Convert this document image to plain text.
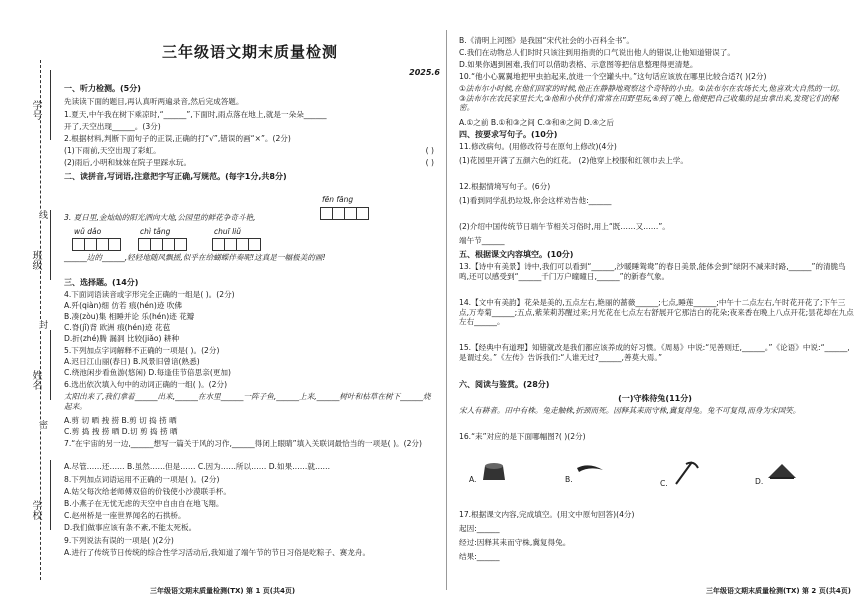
学号
班级
姓名
学校
线
封
密
三年级语文期末质量检测
2025.6
一、听力检测。(5分)
先读读下面的题目,再认真听两遍录音,然后完成答题。
1.夏天,中午我在树下乘凉时,“______”,下面时,雨点落在地上,就是一朵朵______
开了,天空出现______。(3分)
2.根据材料,判断下面句子的正误,正确的打“√”,错误的画“×”。(2分)
(1)下雨前,天空出现了彩虹。	( )
(2)雨后,小明和妹妹在院子里踩水玩。	( )
二、读拼音,写词语,注意把字写正确,写规范。(每字1分,共8分)
fēn fāng
3. 夏日里,金灿灿的阳光洒向大地,公园里的鲜花争奇斗艳,
wǔ dǎo	chì tǎng	chuī liǔ
______边的______,轻轻地随风飘摇,似乎在给蝴蝶伴奏呢!这真是一幅极美的画!
三、选择题。(14分)
4.下面词语读音或字形完全正确的一组是( )。(2分)
A.歼(qiàn)细 仿若 痕(hén)迹 吹佛
B.凑(zòu)集 相睡并论 乐(hén)迹 花瓣
C.脊(jǐ)背 欧洲 痕(hén)迹 花苞
D.折(zhé)腾 漏洞 比较(jiǎo) 耕种
5.下列加点字词解释不正确的一项是( )。(2分)
A.迟日江山丽(春日) B.风景旧曾谙(熟悉)
C.绕池闲步看鱼游(悠闲) D.每逢佳节倍思亲(更加)
6.选出依次填入句中的动词正确的一组( )。(2分)
太阳出来了,我们拿着______出来,______在水里______一阵子鱼,______上来,______树叶和枯草在树下______烧起来。
A.剪 切 晒 拽 捞 B.剪 切 捣 捞 晒
C.剪 捣 拽 捞 晒 D.切 剪 捣 捞 晒
7.“在宇宙的另一边,______想写一篇关于风的习作,______得闭上眼睛”填入关联词最恰当的一项是( )。(2分)
A.尽管……还…… B.虽然……但是…… C.因为……所以…… D.如果……就……
8.下列加点词语运用不正确的一项是( )。(2分)
A.姑父每次给老师傅双倍的价钱使小沙漠联手杯。
B.小燕子在无忧无虑的天空中自由自在地飞翔。
C.赵州桥是一座世界闻名的石拱桥。
D.我们做事应该有条不紊,不能太死板。
9.下列说法有误的一项是( )(2分)
A.进行了传统节日传统的综合性学习活动后,我知道了端午节的节日习俗是吃粽子、赛龙舟。
三年级语文期末质量检测(TX) 第 1 页(共4页)
B.《清明上河图》是我国“宋代社会的小百科全书”。
C.我们在动物总人们时时只该注到用指责的口气说出他人的错误,让他知道错误了。
D.如果你遇到困难,我们可以借助表格、示意图等把信息整理得更清楚。
10.“他小心翼翼地把甲虫拍起来,放进一个空罐头中。”这句话应该放在哪里比较合适?( )(2分)
①法布尔小时候,在他们回家的时候,他正在静静地观察这个奇特的小虫。②法布尔在农场长大,他喜欢大自然的一切。③法布尔在农民家里长大,③他和小伙伴们常常在田野里玩,④到了晚上,他便把自己收集的昆虫拿出来,发现它们的秘密。
A.①之前 B.①和③之间 C.③和④之间 D.④之后
四、按要求写句子。(10分)
11.修改病句。(用修改符号在原句上修改)(4分)
(1)花园里开满了五颜六色的红花。 (2)他穿上校服和红领巾去上学。
12.根据情境写句子。(6分)
(1)看到同学乱扔垃圾,你会这样劝告他:______
(2)介绍中国传统节日端午节相关习俗时,用上“既……又……”。
端午节______
五、根据课文内容填空。(10分)
13.【诗中有美景】诗中,我们可以看到“______,沙暖睡鸳鸯”的春日美景,能体会到“绿阴不减来时路,______”的清脆鸟鸣,还可以感受到“______千门万户曈曈日,______”的新春气象。
14.【文中有美韵】花朵是美的,五点左右,艳丽的蔷薇______;七点,睡莲______;中午十二点左右,午时花开花了;下午三点,万寿菊______;五点,紫茉莉苏醒过来;月光花在七点左右舒展开它那洁白的花朵;夜来香在晚上八点开花;昙花却在九点左右______。
15.【经典中有道理】知错就改是我们都应该养成的好习惯。《周易》中说:“见善则迁,______。”《论语》中说:“______,是谓过矣。”《左传》告诉我们:“人谁无过?______,善莫大焉。”
六、阅读与鉴赏。(28分)
(一)守株待兔(11分)
宋人有耕者。田中有株。兔走触株,折颈而死。因释其耒而守株,冀复得兔。兔不可复得,而身为宋国笑。
16.“耒”对应的是下面哪幅图?( )(2分)
A.	B.	C.	D.
17.根据课文内容,完成填空。(用文中原句回答)(4分)
起因:______
经过:因释其耒而守株,冀复得兔。
结果:______
三年级语文期末质量检测(TX) 第 2 页(共4页)
